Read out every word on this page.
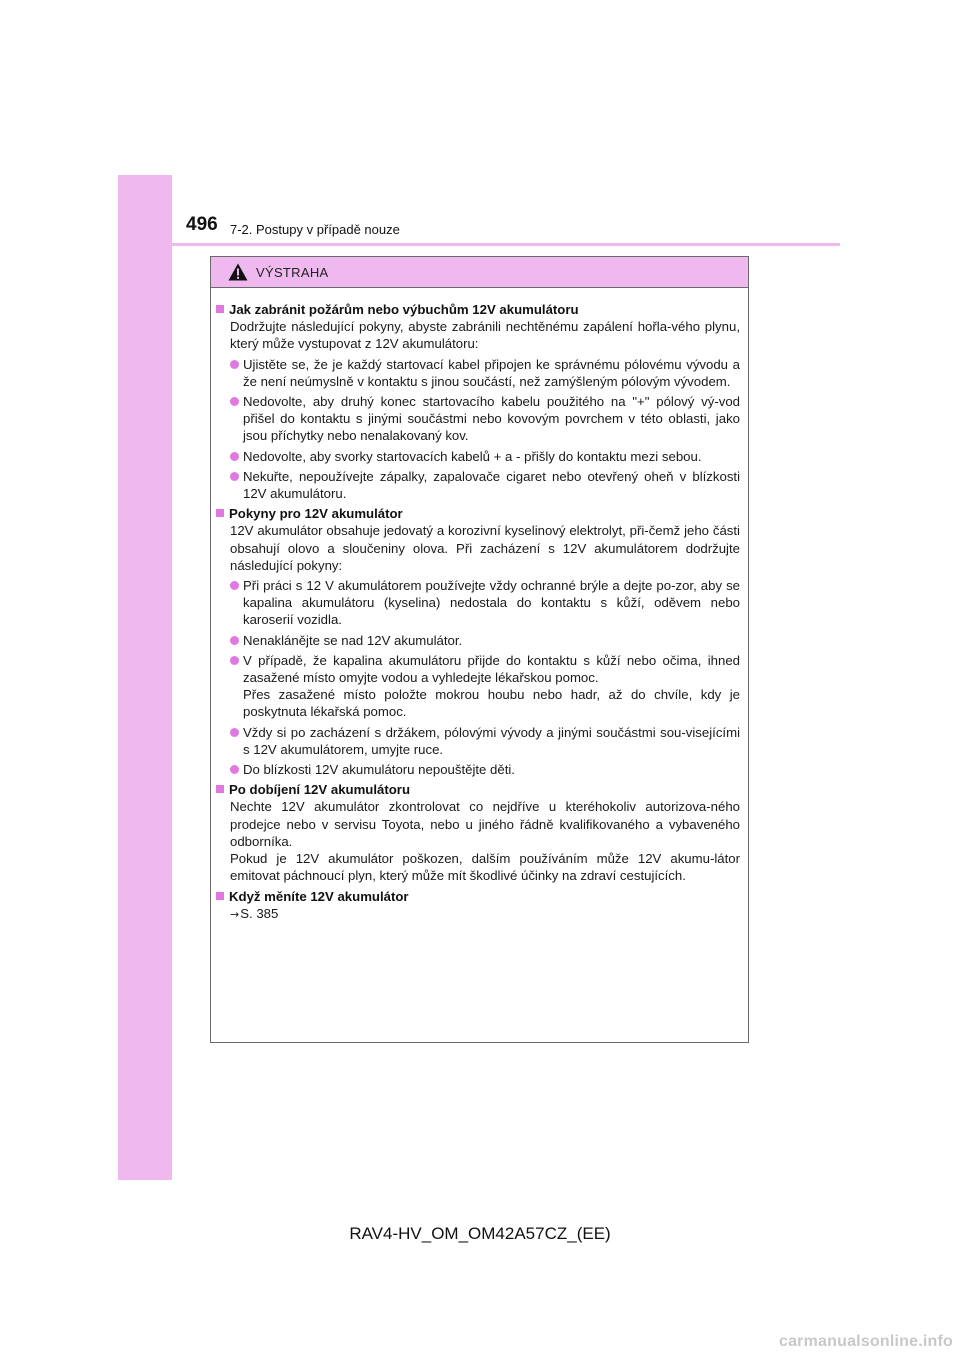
496 7-2. Postupy v případě nouze
VÝSTRAHA
Jak zabránit požárům nebo výbuchům 12V akumulátoru
Dodržujte následující pokyny, abyste zabránili nechtěnému zapálení hořla-vého plynu, který může vystupovat z 12V akumulátoru:
Ujistěte se, že je každý startovací kabel připojen ke správnému pólovému vývodu a že není neúmyslně v kontaktu s jinou součástí, než zamýšleným pólovým vývodem.
Nedovolte, aby druhý konec startovacího kabelu použitého na "+" pólový vý-vod přišel do kontaktu s jinými součástmi nebo kovovým povrchem v této oblasti, jako jsou příchytky nebo nenalakovaný kov.
Nedovolte, aby svorky startovacích kabelů + a - přišly do kontaktu mezi sebou.
Nekuřte, nepoužívejte zápalky, zapalovače cigaret nebo otevřený oheň v blízkosti 12V akumulátoru.
Pokyny pro 12V akumulátor
12V akumulátor obsahuje jedovatý a korozivní kyselinový elektrolyt, při-čemž jeho části obsahují olovo a sloučeniny olova. Při zacházení s 12V akumulátorem dodržujte následující pokyny:
Při práci s 12 V akumulátorem používejte vždy ochranné brýle a dejte po-zor, aby se kapalina akumulátoru (kyselina) nedostala do kontaktu s kůží, oděvem nebo karoserií vozidla.
Nenaklánějte se nad 12V akumulátor.
V případě, že kapalina akumulátoru přijde do kontaktu s kůží nebo očima, ihned zasažené místo omyjte vodou a vyhledejte lékařskou pomoc.
Přes zasažené místo položte mokrou houbu nebo hadr, až do chvíle, kdy je poskytnuta lékařská pomoc.
Vždy si po zacházení s držákem, pólovými vývody a jinými součástmi sou-visejícími s 12V akumulátorem, umyjte ruce.
Do blízkosti 12V akumulátoru nepouštějte děti.
Po dobíjení 12V akumulátoru
Nechte 12V akumulátor zkontrolovat co nejdříve u kteréhokoliv autorizova-ného prodejce nebo v servisu Toyota, nebo u jiného řádně kvalifikovaného a vybaveného odborníka.
Pokud je 12V akumulátor poškozen, dalším používáním může 12V akumu-látor emitovat páchnoucí plyn, který může mít škodlivé účinky na zdraví cestujících.
Když měníte 12V akumulátor
→S. 385
RAV4-HV_OM_OM42A57CZ_(EE)
carmanualsonline.info
